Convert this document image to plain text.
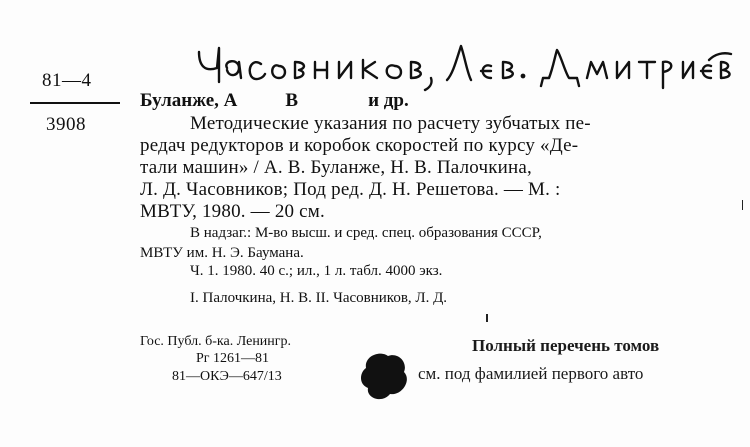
81—4
3908
Буланже, А	В	и др.
Методические указания по расчету зубчатых пе-
редач редукторов и коробок скоростей по курсу «Де-
тали машин» / А. В. Буланже, Н. В. Палочкина,
Л. Д. Часовников; Под ред. Д. Н. Решетова. — М. :
МВТУ, 1980. — 20 см.
В надзаг.: М-во высш. и сред. спец. образования СССР,
МВТУ им. Н. Э. Баумана.
Ч. 1. 1980. 40 с.; ил., 1 л. табл. 4000 экз.
I. Палочкина, Н. В. II. Часовников, Л. Д.
Гос. Публ. б-ка. Ленингр.
Рг 1261—81
81—ОКЭ—647/13
Полный перечень томов
см. под фамилией первого авто
